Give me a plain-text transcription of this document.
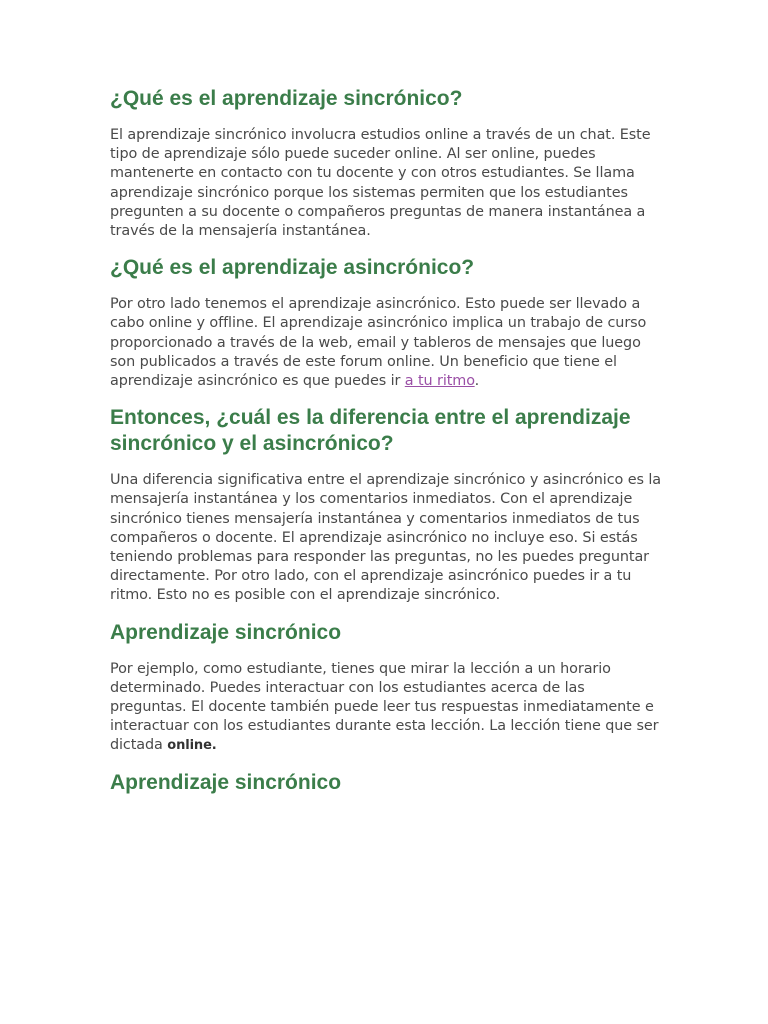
¿Qué es el aprendizaje sincrónico?

El aprendizaje sincrónico involucra estudios online a través de un chat. Este tipo de aprendizaje sólo puede suceder online. Al ser online, puedes mantenerte en contacto con tu docente y con otros estudiantes. Se llama aprendizaje sincrónico porque los sistemas permiten que los estudiantes pregunten a su docente o compañeros preguntas de manera instantánea a través de la mensajería instantánea.

¿Qué es el aprendizaje asincrónico?

Por otro lado tenemos el aprendizaje asincrónico. Esto puede ser llevado a cabo online y offline. El aprendizaje asincrónico implica un trabajo de curso proporcionado a través de la web, email y tableros de mensajes que luego son publicados a través de este forum online. Un beneficio que tiene el aprendizaje asincrónico es que puedes ir a tu ritmo.

Entonces, ¿cuál es la diferencia entre el aprendizaje sincrónico y el asincrónico?

Una diferencia significativa entre el aprendizaje sincrónico y asincrónico es la mensajería instantánea y los comentarios inmediatos. Con el aprendizaje sincrónico tienes mensajería instantánea y comentarios inmediatos de tus compañeros o docente. El aprendizaje asincrónico no incluye eso. Si estás teniendo problemas para responder las preguntas, no les puedes preguntar directamente. Por otro lado, con el aprendizaje asincrónico puedes ir a tu ritmo. Esto no es posible con el aprendizaje sincrónico.

Aprendizaje sincrónico

Por ejemplo, como estudiante, tienes que mirar la lección a un horario determinado. Puedes interactuar con los estudiantes acerca de las preguntas. El docente también puede leer tus respuestas inmediatamente e interactuar con los estudiantes durante esta lección. La lección tiene que ser dictada online.

Aprendizaje sincrónico
